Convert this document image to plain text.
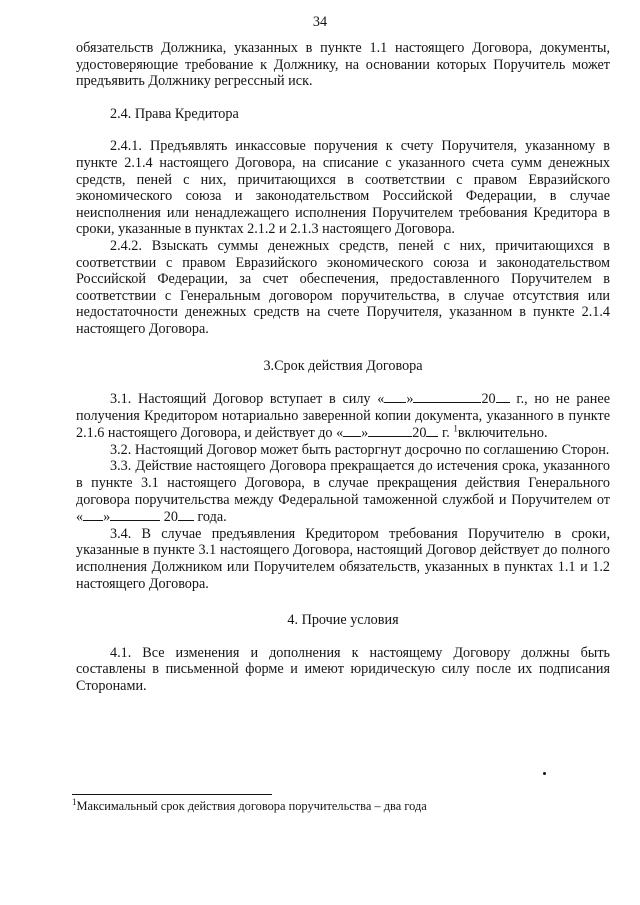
34

обязательств Должника, указанных в пункте 1.1 настоящего Договора, документы, удостоверяющие требование к Должнику, на основании которых Поручитель может предъявить Должнику регрессный иск.

2.4. Права Кредитора

2.4.1. Предъявлять инкассовые поручения к счету Поручителя, указанному в пункте 2.1.4 настоящего Договора, на списание с указанного счета сумм денежных средств, пеней с них, причитающихся в соответствии с правом Евразийского экономического союза и законодательством Российской Федерации, в случае неисполнения или ненадлежащего исполнения Поручителем требования Кредитора в сроки, указанные в пунктах 2.1.2 и 2.1.3 настоящего Договора.

2.4.2. Взыскать суммы денежных средств, пеней с них, причитающихся в соответствии с правом Евразийского экономического союза и законодательством Российской Федерации, за счет обеспечения, предоставленного Поручителем в соответствии с Генеральным договором поручительства, в случае отсутствия или недостаточности денежных средств на счете Поручителя, указанном в пункте 2.1.4 настоящего Договора.

3.Срок действия Договора

3.1. Настоящий Договор вступает в силу « »	20 г., но не ранее получения Кредитором нотариально заверенной копии документа, указанного в пункте 2.1.6 настоящего Договора, и действует до « »	20 г. $^1$включительно.

3.2. Настоящий Договор может быть расторгнут досрочно по соглашению Сторон.

3.3. Действие настоящего Договора прекращается до истечения срока, указанного в пункте 3.1 настоящего Договора, в случае прекращения действия Генерального договора поручительства между Федеральной таможенной службой и Поручителем от « »	20 года.

3.4. В случае предъявления Кредитором требования Поручителю в сроки, указанные в пункте 3.1 настоящего Договора, настоящий Договор действует до полного исполнения Должником или Поручителем обязательств, указанных в пунктах 1.1 и 1.2 настоящего Договора.

4. Прочие условия

4.1. Все изменения и дополнения к настоящему Договору должны быть составлены в письменной форме и имеют юридическую силу после их подписания Сторонами.

$^1$Максимальный срок действия договора поручительства – два года
